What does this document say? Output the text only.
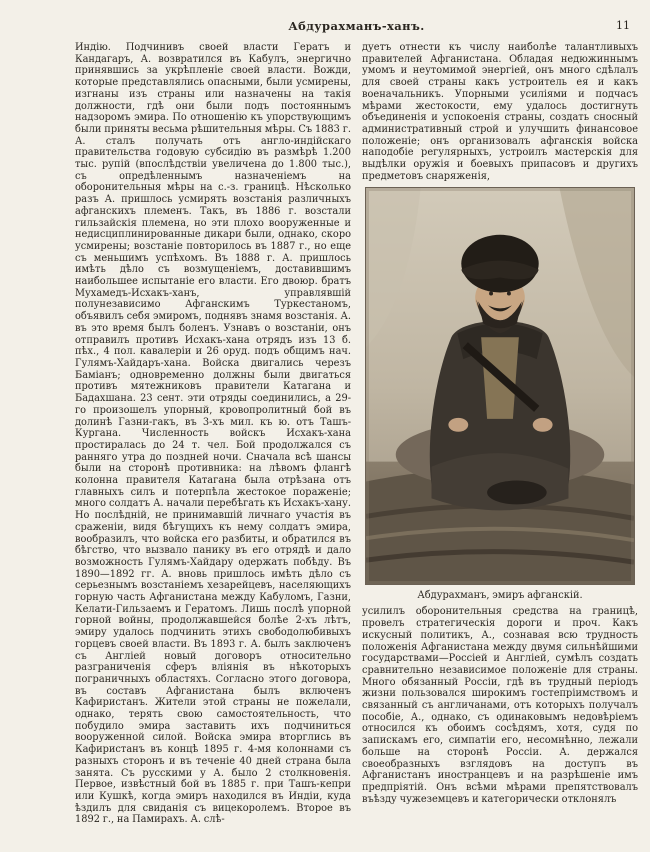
Абдурахманъ-ханъ.	11
Индію. Подчинивъ своей власти Гератъ и Кандагаръ, А. возвратился въ Кабулъ, энергично принявшись за укрѣпленіе своей власти. Вожди, которые представлялись опасными, были усмирены, изгнаны изъ страны или назначены на такія должности, гдѣ они были подъ постояннымъ надзоромъ эмира. По отношенію къ упорствующимъ были приняты весьма рѣшительныя мѣры. Съ 1883 г. А. сталъ получать отъ англо-индійскаго правительства годовую субсидію въ размѣрѣ 1.200 тыс. рупій (впослѣдствіи увеличена до 1.800 тыс.), съ опредѣленнымъ назначеніемъ на оборонительныя мѣры на с.-з. границѣ. Нѣсколько разъ А. пришлось усмирять возстанія различныхъ афганскихъ племенъ. Такъ, въ 1886 г. возстали гильзайскія племена, но эти плохо вооруженные и недисциплинированные дикари были, однако, скоро усмирены; возстаніе повторилось въ 1887 г., но еще съ меньшимъ успѣхомъ. Въ 1888 г. А. пришлось имѣть дѣло съ возмущеніемъ, доставившимъ наибольшее испытаніе его власти. Его двоюр. братъ Мухамедъ-Исхакъ-ханъ, управлявшій полунезависимо Афганскимъ Туркестаномъ, объявилъ себя эмиромъ, поднявъ знамя возстанія. А. въ это время былъ боленъ. Узнавъ о возстаніи, онъ отправилъ противъ Исхакъ-хана отрядъ изъ 13 б. пѣх., 4 пол. кавалеріи и 26 оруд. подъ общимъ нач. Гулямъ-Хайдаръ-хана. Войска двигались черезъ Баміанъ; одновременно должны были двигаться противъ мятежниковъ правители Катагана и Бадахшана. 23 сент. эти отряды соединились, а 29-го произошелъ упорный, кровопролитный бой въ долинѣ Газни-гакъ, въ 3-хъ мил. къ ю. отъ Ташъ-Кургана. Численность войскъ Исхакъ-хана простиралась до 24 т. чел. Бой продолжался съ ранняго утра до поздней ночи. Сначала всѣ шансы были на сторонѣ противника: на лѣвомъ флангѣ колонна правителя Катагана была отрѣзана отъ главныхъ силъ и потерпѣла жестокое пораженіе; много солдатъ А. начали перебѣгать къ Исхакъ-хану. Но послѣдній, не принимавшій личнаго участія въ сраженіи, видя бѣгущихъ къ нему солдатъ эмира, вообразилъ, что войска его разбиты, и обратился въ бѣгство, что вызвало панику въ его отрядѣ и дало возможность Гулямъ-Хайдару одержать побѣду. Въ 1890—1892 гг. А. вновь пришлось имѣть дѣло съ серьезнымъ возстаніемъ хезарейцевъ, населяющихъ горную часть Афганистана между Кабуломъ, Газни, Келати-Гильзаемъ и Гератомъ. Лишь послѣ упорной горной войны, продолжавшейся болѣе 2-хъ лѣтъ, эмиру удалось подчинить этихъ свободолюбивыхъ горцевъ своей власти. Въ 1893 г. А. былъ заключенъ съ Англіей новый договоръ относительно разграниченія сферъ вліянія въ нѣкоторыхъ пограничныхъ областяхъ. Согласно этого договора, въ составъ Афганистана былъ включенъ Кафиристанъ. Жители этой страны не пожелали, однако, терять свою самостоятельность, что побудило эмира заставить ихъ подчиниться вооруженной силой. Войска эмира вторглись въ Кафиристанъ въ концѣ 1895 г. 4-мя колоннами съ разныхъ сторонъ и въ теченіе 40 дней страна была занята. Съ русскими у А. было 2 столкновенія. Первое, извѣстный бой въ 1885 г. при Ташъ-кепри или Кушкѣ, когда эмиръ находился въ Индіи, куда ѣздилъ для свиданія съ вицекоролемъ. Второе въ 1892 г., на Памирахъ. А. слѣ-
дуетъ отнести къ числу наиболѣе талантливыхъ правителей Афганистана. Обладая недюжиннымъ умомъ и неутомимой энергіей, онъ много сдѣлалъ для своей страны какъ устроитель ея и какъ военачальникъ. Упорными усиліями и подчасъ мѣрами жестокости, ему удалось достигнуть объединенія и успокоенія страны, создать сносный административный строй и улучшить финансовое положеніе; онъ организовалъ афганскія войска наподобіе регулярныхъ, устроилъ мастерскія для выдѣлки оружія и боевыхъ припасовъ и другихъ предметовъ снаряженія,
Абдурахманъ, эмиръ афганскій.
усилилъ оборонительныя средства на границѣ, провелъ стратегическія дороги и проч. Какъ искусный политикъ, А., сознавая всю трудность положенія Афганистана между двумя сильнѣйшими государствами—Россіей и Англіей, сумѣлъ создать сравнительно независимое положеніе для страны. Много обязанный Россіи, гдѣ въ трудный періодъ жизни пользовался широкимъ гостепріимствомъ и связанный съ англичанами, отъ которыхъ получалъ пособіе, А., однако, съ одинаковымъ недовѣріемъ относился къ обоимъ сосѣдямъ, хотя, судя по запискамъ его, симпатіи его, несомнѣнно, лежали больше на сторонѣ Россіи. А. держался своеобразныхъ взглядовъ на доступъ въ Афганистанъ иностранцевъ и на разрѣшеніе имъ предпріятій. Онъ всѣми мѣрами препятствовалъ въѣзду чужеземцевъ и категорически отклонялъ
